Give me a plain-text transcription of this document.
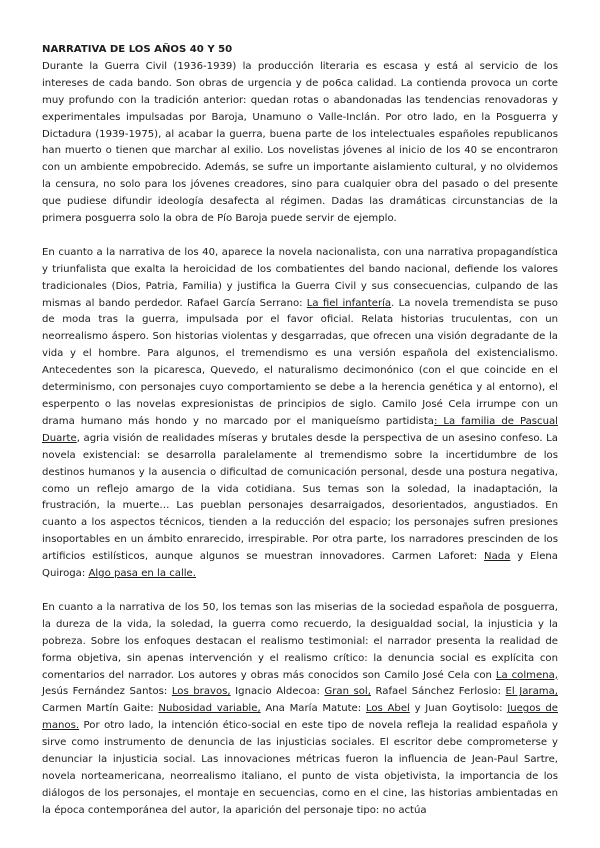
NARRATIVA DE LOS AÑOS 40 Y 50

Durante la Guerra Civil (1936-1939) la producción literaria es escasa y está al servicio de los intereses de cada bando. Son obras de urgencia y de po6ca calidad. La contienda provoca un corte muy profundo con la tradición anterior: quedan rotas o abandonadas las tendencias renovadoras y experimentales impulsadas por Baroja, Unamuno o Valle-Inclán. Por otro lado, en la Posguerra y Dictadura (1939-1975), al acabar la guerra, buena parte de los intelectuales españoles republicanos han muerto o tienen que marchar al exilio. Los novelistas jóvenes al inicio de los 40 se encontraron con un ambiente empobrecido. Además, se sufre un importante aislamiento cultural, y no olvidemos la censura, no solo para los jóvenes creadores, sino para cualquier obra del pasado o del presente que pudiese difundir ideología desafecta al régimen. Dadas las dramáticas circunstancias de la primera posguerra solo la obra de Pío Baroja puede servir de ejemplo.

En cuanto a la narrativa de los 40, aparece la novela nacionalista, con una narrativa propagandística y triunfalista que exalta la heroicidad de los combatientes del bando nacional, defiende los valores tradicionales (Dios, Patria, Familia) y justifica la Guerra Civil y sus consecuencias, culpando de las mismas al bando perdedor. Rafael García Serrano: La fiel infantería. La novela tremendista se puso de moda tras la guerra, impulsada por el favor oficial. Relata historias truculentas, con un neorrealismo áspero. Son historias violentas y desgarradas, que ofrecen una visión degradante de la vida y el hombre. Para algunos, el tremendismo es una versión española del existencialismo. Antecedentes son la picaresca, Quevedo, el naturalismo decimonónico (con el que coincide en el determinismo, con personajes cuyo comportamiento se debe a la herencia genética y al entorno), el esperpento o las novelas expresionistas de principios de siglo. Camilo José Cela irrumpe con un drama humano más hondo y no marcado por el maniqueísmo partidista: La familia de Pascual Duarte, agria visión de realidades míseras y brutales desde la perspectiva de un asesino confeso. La novela existencial: se desarrolla paralelamente al tremendismo sobre la incertidumbre de los destinos humanos y la ausencia o dificultad de comunicación personal, desde una postura negativa, como un reflejo amargo de la vida cotidiana. Sus temas son la soledad, la inadaptación, la frustración, la muerte… Las pueblan personajes desarraigados, desorientados, angustiados. En cuanto a los aspectos técnicos, tienden a la reducción del espacio; los personajes sufren presiones insoportables en un ámbito enrarecido, irrespirable. Por otra parte, los narradores prescinden de los artificios estilísticos, aunque algunos se muestran innovadores. Carmen Laforet: Nada y Elena Quiroga: Algo pasa en la calle.

En cuanto a la narrativa de los 50, los temas son las miserias de la sociedad española de posguerra, la dureza de la vida, la soledad, la guerra como recuerdo, la desigualdad social, la injusticia y la pobreza. Sobre los enfoques destacan el realismo testimonial: el narrador presenta la realidad de forma objetiva, sin apenas intervención y el realismo crítico: la denuncia social es explícita con comentarios del narrador. Los autores y obras más conocidos son Camilo José Cela con La colmena, Jesús Fernández Santos: Los bravos, Ignacio Aldecoa: Gran sol, Rafael Sánchez Ferlosio: El Jarama, Carmen Martín Gaite: Nubosidad variable, Ana María Matute: Los Abel y Juan Goytisolo: Juegos de manos. Por otro lado, la intención ético-social en este tipo de novela refleja la realidad española y sirve como instrumento de denuncia de las injusticias sociales. El escritor debe comprometerse y denunciar la injusticia social. Las innovaciones métricas fueron la influencia de Jean-Paul Sartre, novela norteamericana, neorrealismo italiano, el punto de vista objetivista, la importancia de los diálogos de los personajes, el montaje en secuencias, como en el cine, las historias ambientadas en la época contemporánea del autor, la aparición del personaje tipo: no actúa
